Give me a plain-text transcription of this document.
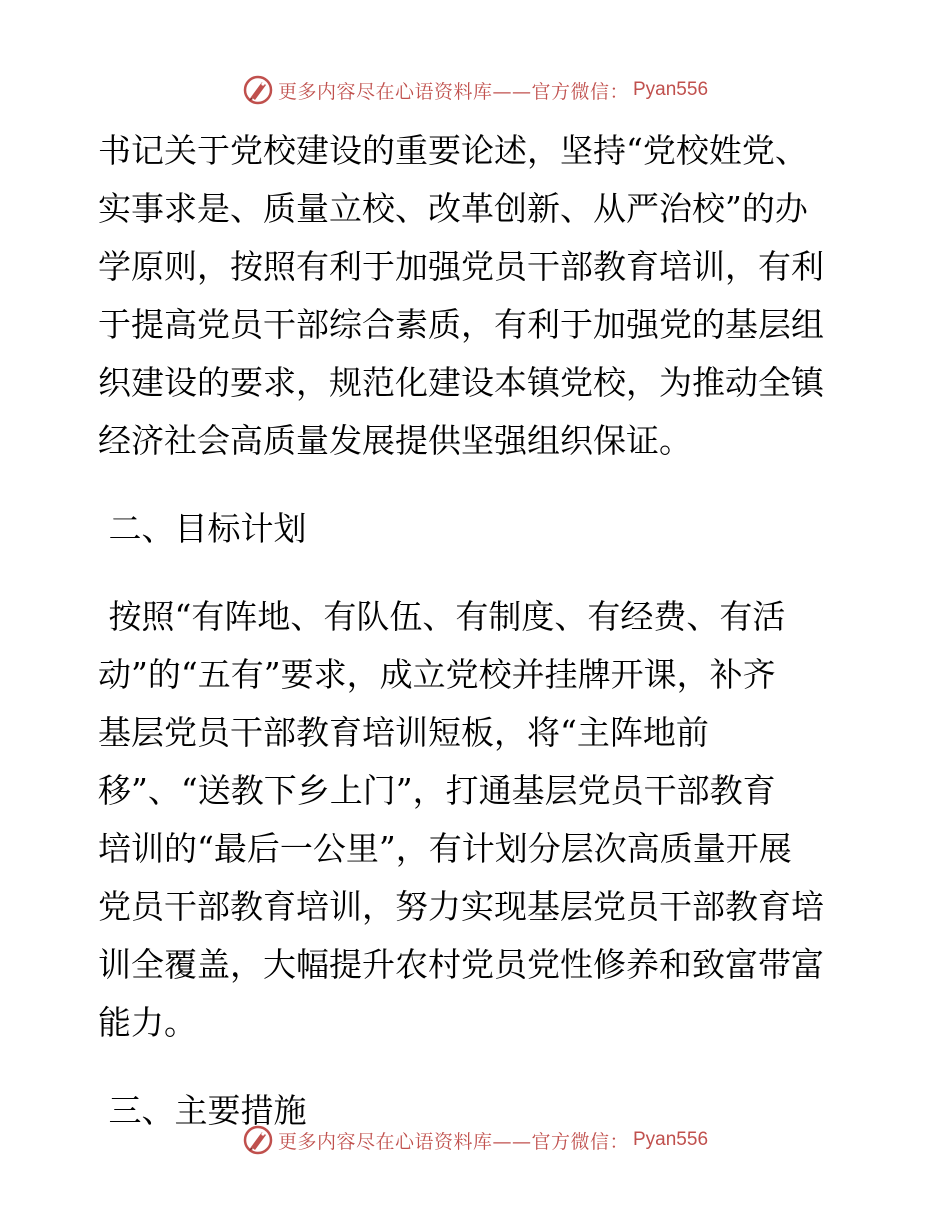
更多内容尽在心语资料库——官方微信： Pyan556
书记关于党校建设的重要论述，坚持“党校姓党、
实事求是、质量立校、改革创新、从严治校”的办
学原则，按照有利于加强党员干部教育培训，有利
于提高党员干部综合素质，有利于加强党的基层组
织建设的要求，规范化建设本镇党校，为推动全镇
经济社会高质量发展提供坚强组织保证。
二、目标计划
按照“有阵地、有队伍、有制度、有经费、有活
动”的“五有”要求，成立党校并挂牌开课，补齐
基层党员干部教育培训短板，将“主阵地前
移”、“送教下乡上门”，打通基层党员干部教育
培训的“最后一公里”，有计划分层次高质量开展
党员干部教育培训，努力实现基层党员干部教育培
训全覆盖，大幅提升农村党员党性修养和致富带富
能力。
三、主要措施
更多内容尽在心语资料库——官方微信： Pyan556
